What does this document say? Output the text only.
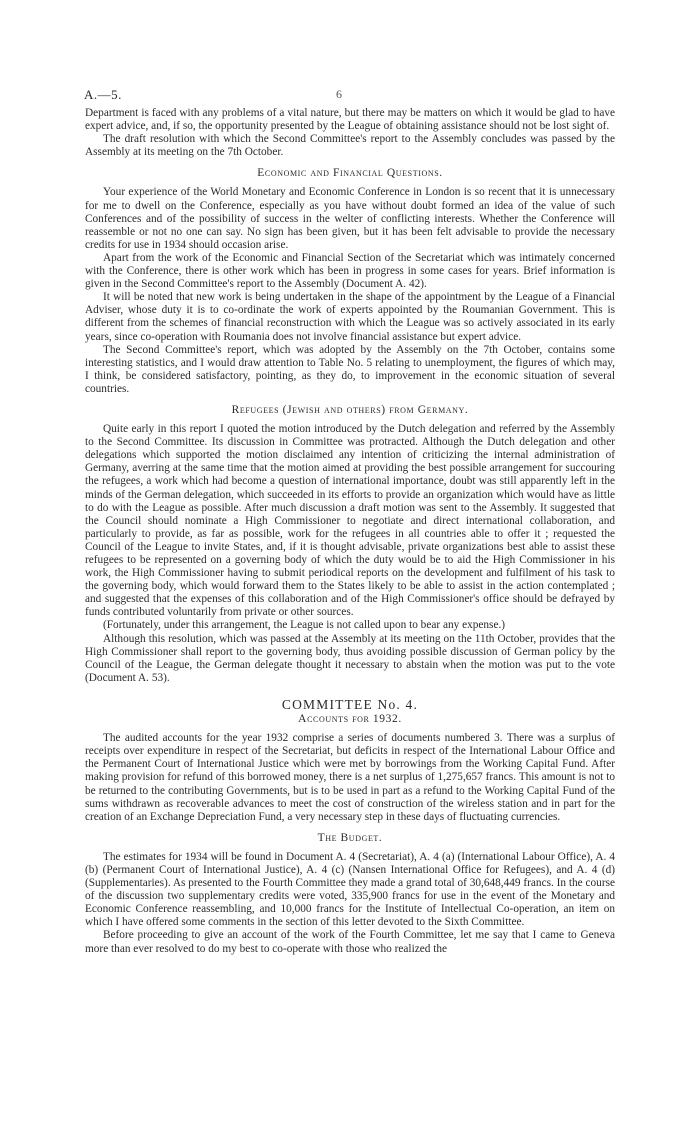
A.—5.	6

Department is faced with any problems of a vital nature, but there may be matters on which it would be glad to have expert advice, and, if so, the opportunity presented by the League of obtaining assistance should not be lost sight of.

The draft resolution with which the Second Committee's report to the Assembly concludes was passed by the Assembly at its meeting on the 7th October.

Economic and Financial Questions.

Your experience of the World Monetary and Economic Conference in London is so recent that it is unnecessary for me to dwell on the Conference, especially as you have without doubt formed an idea of the value of such Conferences and of the possibility of success in the welter of conflicting interests. Whether the Conference will reassemble or not no one can say. No sign has been given, but it has been felt advisable to provide the necessary credits for use in 1934 should occasion arise.

Apart from the work of the Economic and Financial Section of the Secretariat which was intimately concerned with the Conference, there is other work which has been in progress in some cases for years. Brief information is given in the Second Committee's report to the Assembly (Document A. 42).

It will be noted that new work is being undertaken in the shape of the appointment by the League of a Financial Adviser, whose duty it is to co-ordinate the work of experts appointed by the Roumanian Government. This is different from the schemes of financial reconstruction with which the League was so actively associated in its early years, since co-operation with Roumania does not involve financial assistance but expert advice.

The Second Committee's report, which was adopted by the Assembly on the 7th October, contains some interesting statistics, and I would draw attention to Table No. 5 relating to unemployment, the figures of which may, I think, be considered satisfactory, pointing, as they do, to improvement in the economic situation of several countries.

Refugees (Jewish and others) from Germany.

Quite early in this report I quoted the motion introduced by the Dutch delegation and referred by the Assembly to the Second Committee. Its discussion in Committee was protracted. Although the Dutch delegation and other delegations which supported the motion disclaimed any intention of criticizing the internal administration of Germany, averring at the same time that the motion aimed at providing the best possible arrangement for succouring the refugees, a work which had become a question of international importance, doubt was still apparently left in the minds of the German delegation, which succeeded in its efforts to provide an organization which would have as little to do with the League as possible. After much discussion a draft motion was sent to the Assembly. It suggested that the Council should nominate a High Commissioner to negotiate and direct international collaboration, and particularly to provide, as far as possible, work for the refugees in all countries able to offer it ; requested the Council of the League to invite States, and, if it is thought advisable, private organizations best able to assist these refugees to be represented on a governing body of which the duty would be to aid the High Commissioner in his work, the High Commissioner having to submit periodical reports on the development and fulfilment of his task to the governing body, which would forward them to the States likely to be able to assist in the action contemplated ; and suggested that the expenses of this collaboration and of the High Commissioner's office should be defrayed by funds contributed voluntarily from private or other sources.

(Fortunately, under this arrangement, the League is not called upon to bear any expense.)

Although this resolution, which was passed at the Assembly at its meeting on the 11th October, provides that the High Commissioner shall report to the governing body, thus avoiding possible discussion of German policy by the Council of the League, the German delegate thought it necessary to abstain when the motion was put to the vote (Document A. 53).

COMMITTEE No. 4.
Accounts for 1932.

The audited accounts for the year 1932 comprise a series of documents numbered 3. There was a surplus of receipts over expenditure in respect of the Secretariat, but deficits in respect of the International Labour Office and the Permanent Court of International Justice which were met by borrowings from the Working Capital Fund. After making provision for refund of this borrowed money, there is a net surplus of 1,275,657 francs. This amount is not to be returned to the contributing Governments, but is to be used in part as a refund to the Working Capital Fund of the sums withdrawn as recoverable advances to meet the cost of construction of the wireless station and in part for the creation of an Exchange Depreciation Fund, a very necessary step in these days of fluctuating currencies.

The Budget.

The estimates for 1934 will be found in Document A. 4 (Secretariat), A. 4 (a) (International Labour Office), A. 4 (b) (Permanent Court of International Justice), A. 4 (c) (Nansen International Office for Refugees), and A. 4 (d) (Supplementaries). As presented to the Fourth Committee they made a grand total of 30,648,449 francs. In the course of the discussion two supplementary credits were voted, 335,900 francs for use in the event of the Monetary and Economic Conference reassembling, and 10,000 francs for the Institute of Intellectual Co-operation, an item on which I have offered some comments in the section of this letter devoted to the Sixth Committee.

Before proceeding to give an account of the work of the Fourth Committee, let me say that I came to Geneva more than ever resolved to do my best to co-operate with those who realized the
